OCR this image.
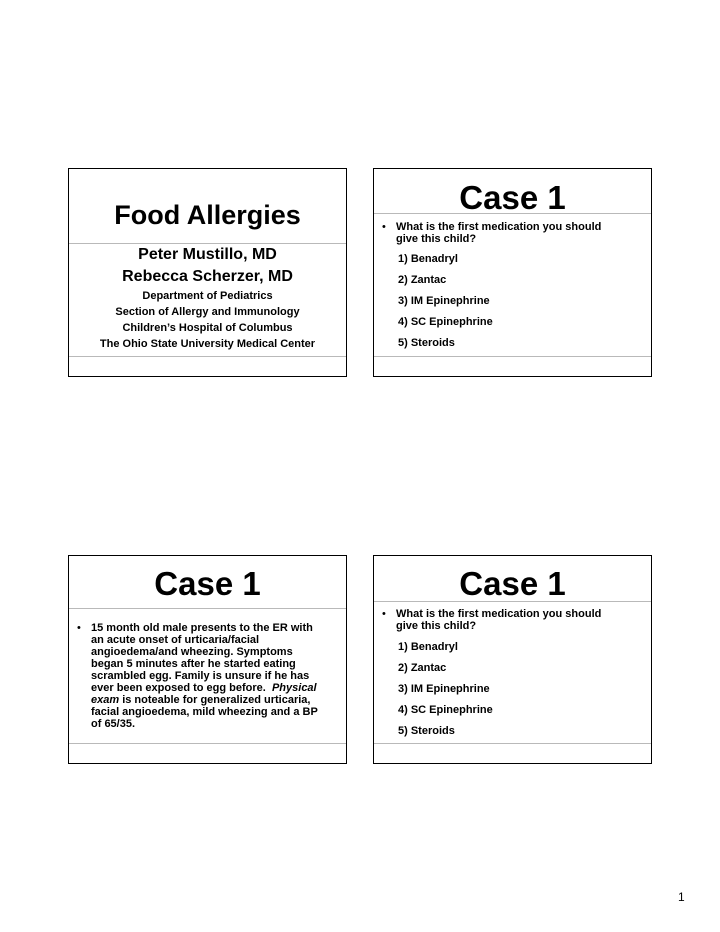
Food Allergies
Peter Mustillo, MD
Rebecca Scherzer, MD
Department of Pediatrics
Section of Allergy and Immunology
Children’s Hospital of Columbus
The Ohio State University Medical Center
Case 1
• What is the first medication you should
give this child?
1) Benadryl
2) Zantac
3) IM Epinephrine
4) SC Epinephrine
5) Steroids
Case 1
• 15 month old male presents to the ER with
an acute onset of urticaria/facial
angioedema/and wheezing. Symptoms
began 5 minutes after he started eating
scrambled egg. Family is unsure if he has
ever been exposed to egg before. Physical
exam is noteable for generalized urticaria,
facial angioedema, mild wheezing and a BP
of 65/35.
Case 1
• What is the first medication you should
give this child?
1) Benadryl
2) Zantac
3) IM Epinephrine
4) SC Epinephrine
5) Steroids
1
